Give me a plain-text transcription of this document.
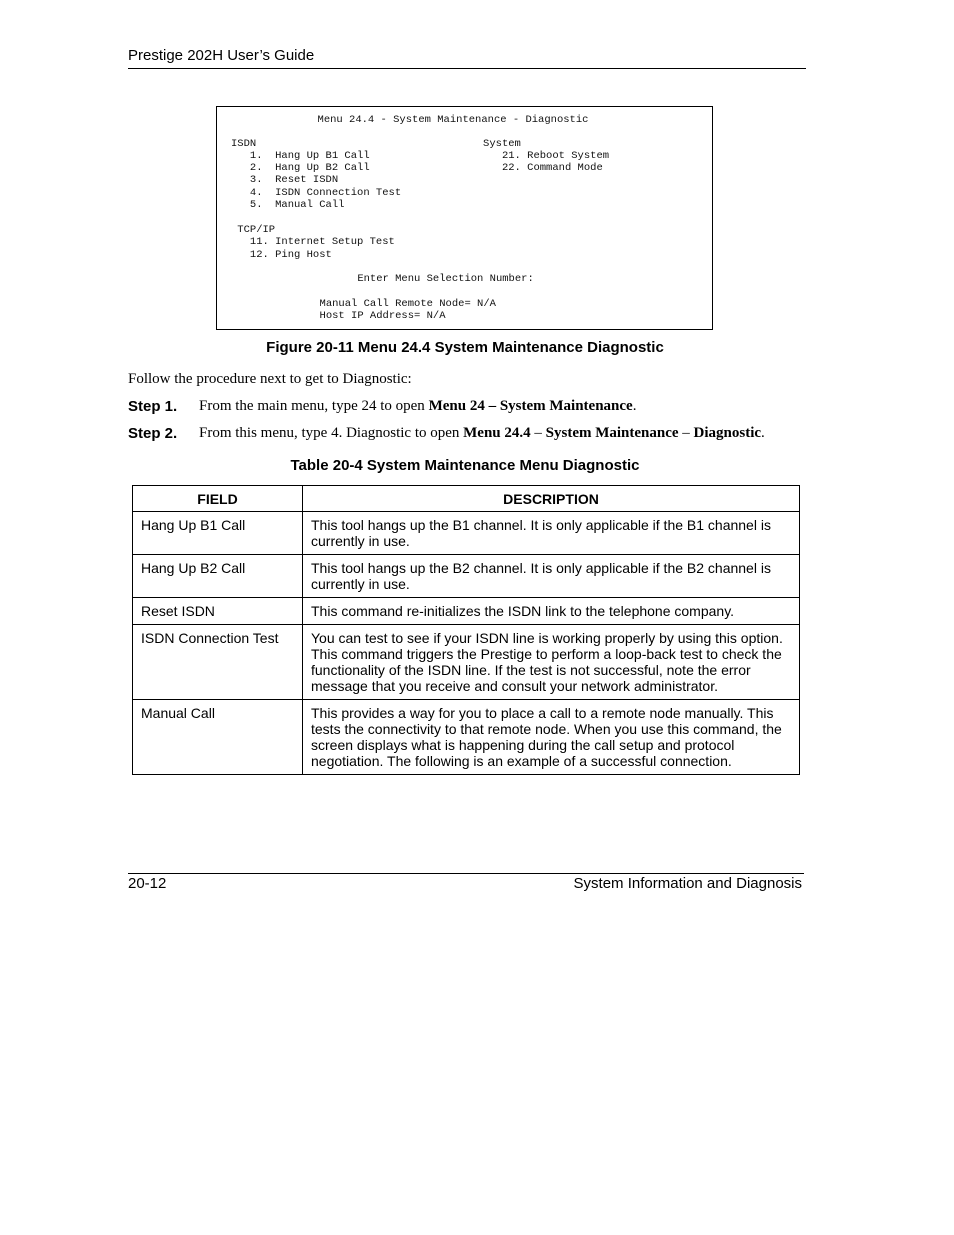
Prestige 202H User’s Guide
Menu 24.4 - System Maintenance - Diagnostic
ISDN                                    System
1.  Hang Up B1 Call                     21. Reboot System
2.  Hang Up B2 Call                     22. Command Mode
3.  Reset ISDN
4.  ISDN Connection Test
5.  Manual Call
TCP/IP
11. Internet Setup Test
12. Ping Host
Enter Menu Selection Number:
Manual Call Remote Node= N/A
Host IP Address= N/A
Figure 20-11 Menu 24.4 System Maintenance Diagnostic
Follow the procedure next to get to Diagnostic:
Step 1. From the main menu, type 24 to open Menu 24 – System Maintenance.
Step 2. From this menu, type 4. Diagnostic to open Menu 24.4 – System Maintenance – Diagnostic.
Table 20-4 System Maintenance Menu Diagnostic
FIELD	DESCRIPTION
Hang Up B1 Call	This tool hangs up the B1 channel. It is only applicable if the B1 channel is currently in use.
Hang Up B2 Call	This tool hangs up the B2 channel. It is only applicable if the B2 channel is currently in use.
Reset ISDN	This command re-initializes the ISDN link to the telephone company.
ISDN Connection Test	You can test to see if your ISDN line is working properly by using this option. This command triggers the Prestige to perform a loop-back test to check the functionality of the ISDN line. If the test is not successful, note the error message that you receive and consult your network administrator.
Manual Call	This provides a way for you to place a call to a remote node manually. This tests the connectivity to that remote node. When you use this command, the screen displays what is happening during the call setup and protocol negotiation. The following is an example of a successful connection.
20-12	System Information and Diagnosis
